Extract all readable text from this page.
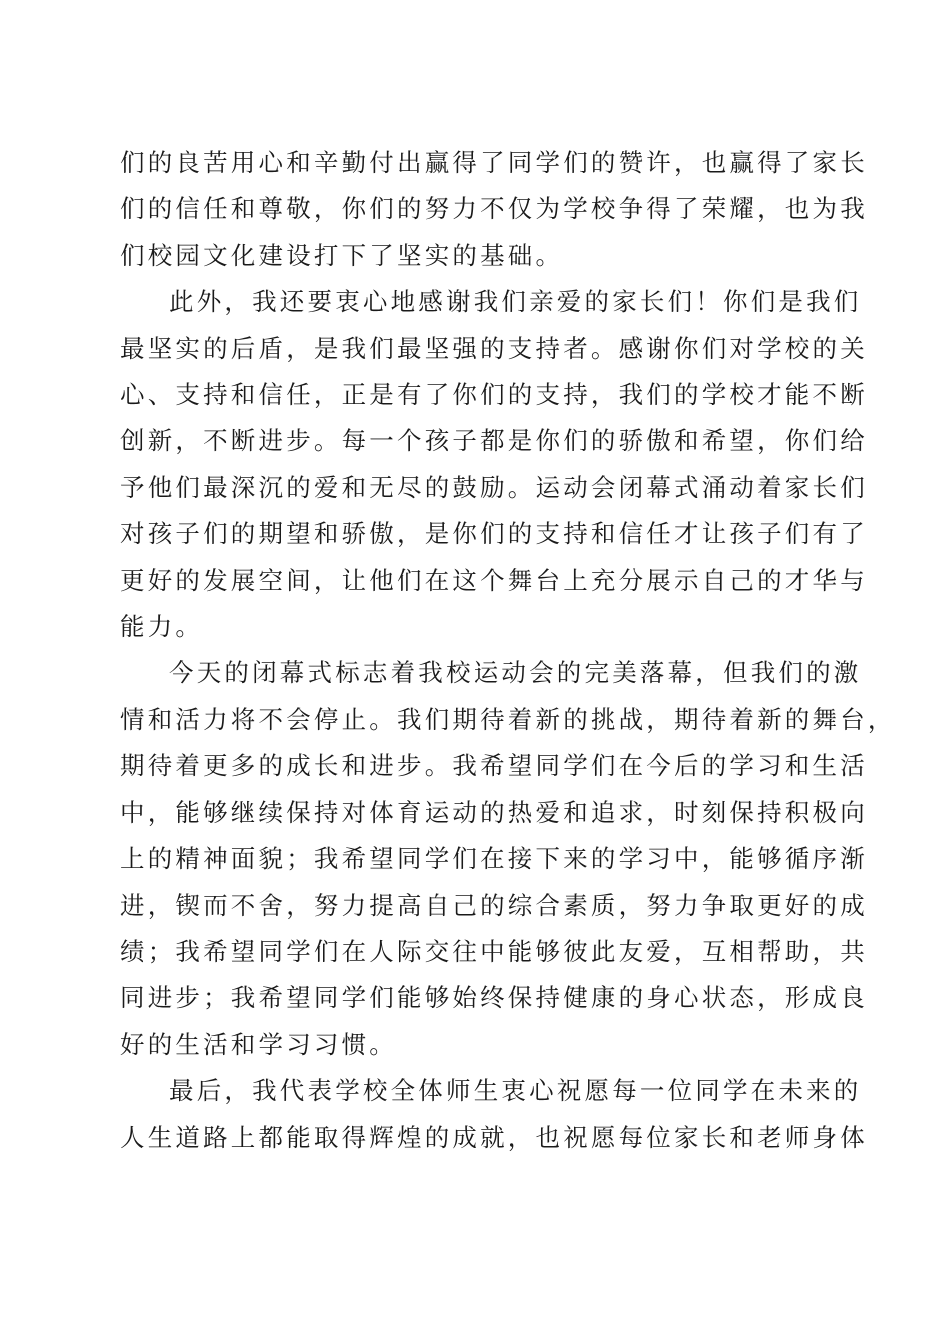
们的良苦用心和辛勤付出赢得了同学们的赞许，也赢得了家长
们的信任和尊敬，你们的努力不仅为学校争得了荣耀，也为我
们校园文化建设打下了坚实的基础。

此外，我还要衷心地感谢我们亲爱的家长们！你们是我们
最坚实的后盾，是我们最坚强的支持者。感谢你们对学校的关
心、支持和信任，正是有了你们的支持，我们的学校才能不断
创新，不断进步。每一个孩子都是你们的骄傲和希望，你们给
予他们最深沉的爱和无尽的鼓励。运动会闭幕式涌动着家长们
对孩子们的期望和骄傲，是你们的支持和信任才让孩子们有了
更好的发展空间，让他们在这个舞台上充分展示自己的才华与
能力。

今天的闭幕式标志着我校运动会的完美落幕，但我们的激
情和活力将不会停止。我们期待着新的挑战，期待着新的舞台，
期待着更多的成长和进步。我希望同学们在今后的学习和生活
中，能够继续保持对体育运动的热爱和追求，时刻保持积极向
上的精神面貌；我希望同学们在接下来的学习中，能够循序渐
进，锲而不舍，努力提高自己的综合素质，努力争取更好的成
绩；我希望同学们在人际交往中能够彼此友爱，互相帮助，共
同进步；我希望同学们能够始终保持健康的身心状态，形成良
好的生活和学习习惯。

最后，我代表学校全体师生衷心祝愿每一位同学在未来的
人生道路上都能取得辉煌的成就，也祝愿每位家长和老师身体
